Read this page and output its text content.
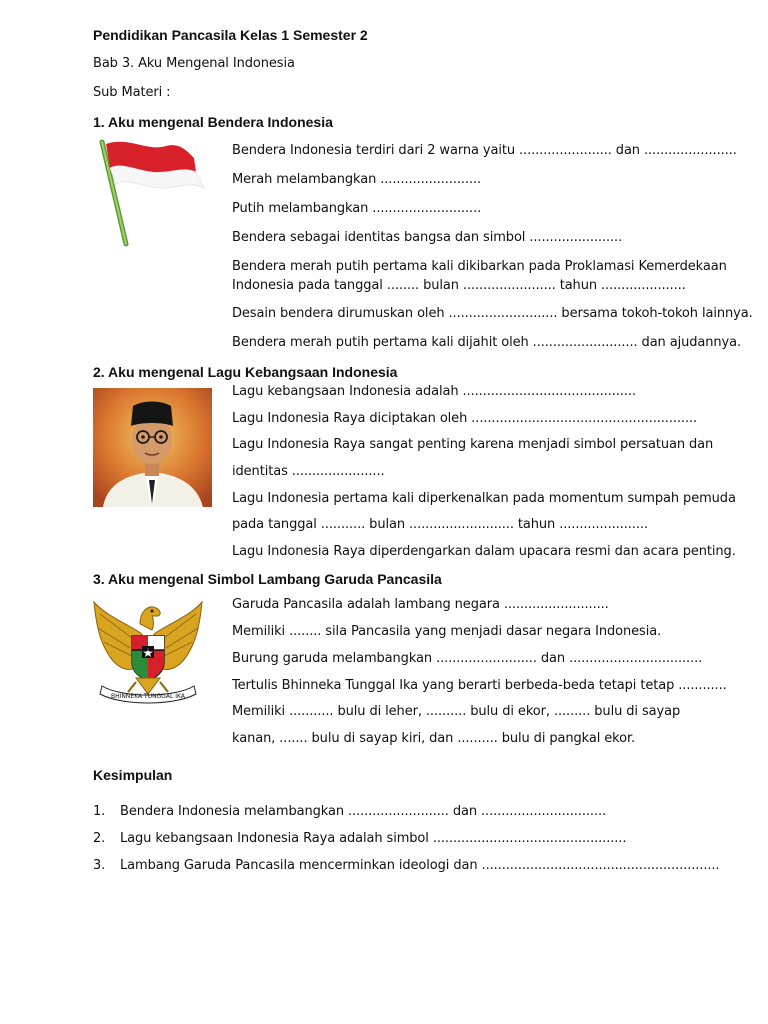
Pendidikan Pancasila Kelas 1 Semester 2
Bab 3. Aku Mengenal Indonesia
Sub Materi :
1. Aku mengenal Bendera Indonesia
Bendera Indonesia terdiri dari 2 warna yaitu ....................... dan .......................
Merah melambangkan .........................
Putih melambangkan ...........................
Bendera sebagai identitas bangsa dan simbol .......................
Bendera merah putih pertama kali dikibarkan pada Proklamasi Kemerdekaan
Indonesia pada tanggal ........ bulan ....................... tahun .....................
Desain bendera dirumuskan oleh ........................... bersama tokoh-tokoh lainnya.
Bendera merah putih pertama kali dijahit oleh .......................... dan ajudannya.
2. Aku mengenal Lagu Kebangsaan Indonesia
Lagu kebangsaan Indonesia adalah ...........................................
Lagu Indonesia Raya diciptakan oleh ........................................................
Lagu Indonesia Raya sangat penting karena menjadi simbol persatuan dan
identitas .......................
Lagu Indonesia pertama kali diperkenalkan pada momentum sumpah pemuda
pada tanggal ........... bulan .......................... tahun ......................
Lagu Indonesia Raya diperdengarkan dalam upacara resmi dan acara penting.
3. Aku mengenal Simbol Lambang Garuda Pancasila
BHINNEKA TUNGGAL IKA
Garuda Pancasila adalah lambang negara ..........................
Memiliki ........ sila Pancasila yang menjadi dasar negara Indonesia.
Burung garuda melambangkan ......................... dan .................................
Tertulis Bhinneka Tunggal Ika yang berarti berbeda-beda tetapi tetap ............
Memiliki ........... bulu di leher, .......... bulu di ekor, ......... bulu di sayap
kanan, ....... bulu di sayap kiri, dan .......... bulu di pangkal ekor.
Kesimpulan
1. Bendera Indonesia melambangkan ......................... dan ...............................
2. Lagu kebangsaan Indonesia Raya adalah simbol ................................................
3. Lambang Garuda Pancasila mencerminkan ideologi dan ...........................................................
